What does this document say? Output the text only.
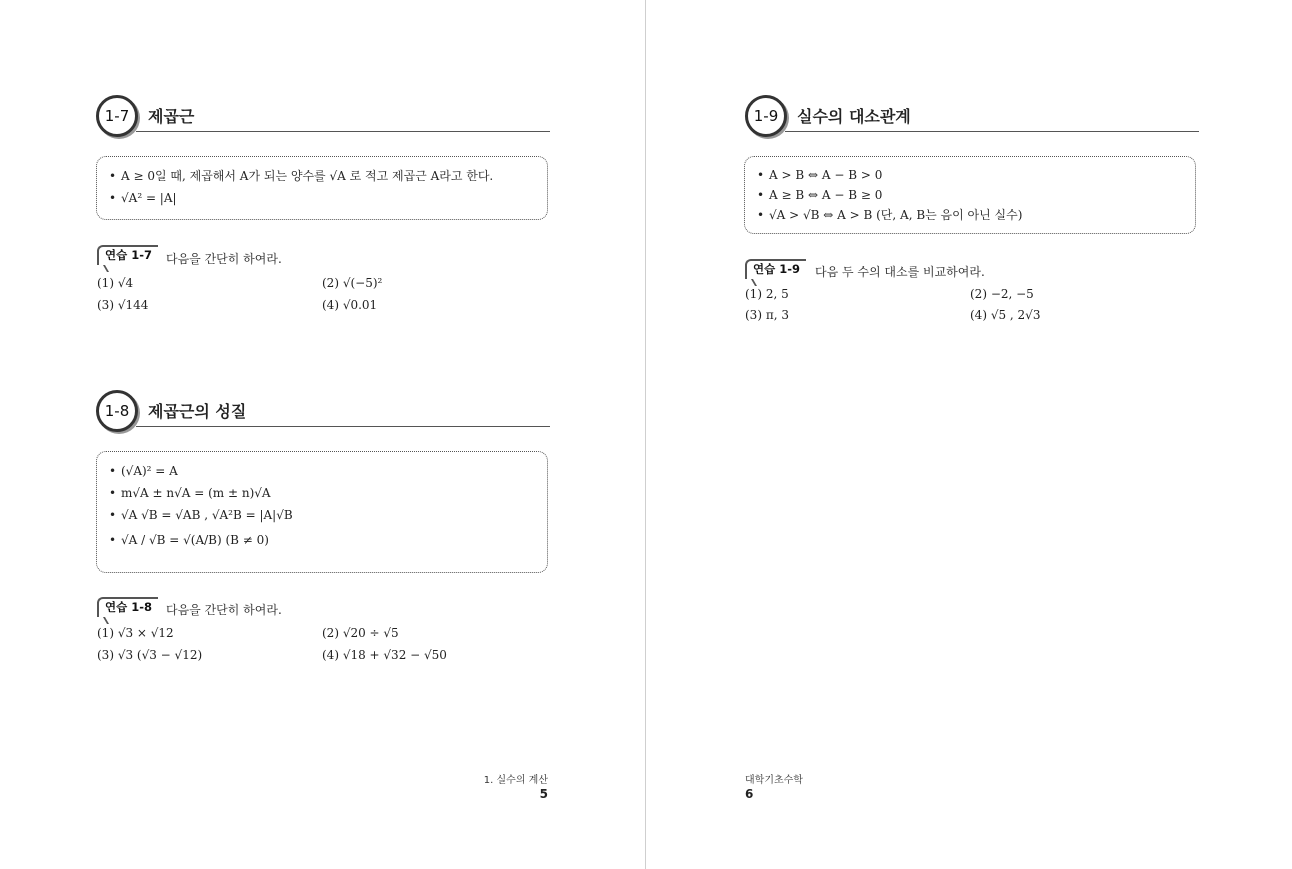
1-7	제곱근
• A ≥ 0일 때, 제곱해서 A가 되는 양수를 √A 로 적고 제곱근 A라고 한다.
• √A² = |A|
연습 1-7	다음을 간단히 하여라.
(1) √4	(2) √(−5)²
(3) √144	(4) √0.01
1-8	제곱근의 성질
• (√A)² = A
• m√A ± n√A = (m ± n)√A
• √A √B = √AB , √A²B = |A|√B
• √A / √B = √(A/B) (B ≠ 0)
연습 1-8	다음을 간단히 하여라.
(1) √3 × √12	(2) √20 ÷ √5
(3) √3 (√3 − √12)	(4) √18 + √32 − √50
1. 실수의 계산
5
1-9	실수의 대소관계
• A > B ⇔ A − B > 0
• A ≥ B ⇔ A − B ≥ 0
• √A > √B ⇔ A > B (단, A, B는 음이 아닌 실수)
연습 1-9	다음 두 수의 대소를 비교하여라.
(1) 2, 5	(2) −2, −5
(3) π, 3	(4) √5 , 2√3
대학기초수학
6
